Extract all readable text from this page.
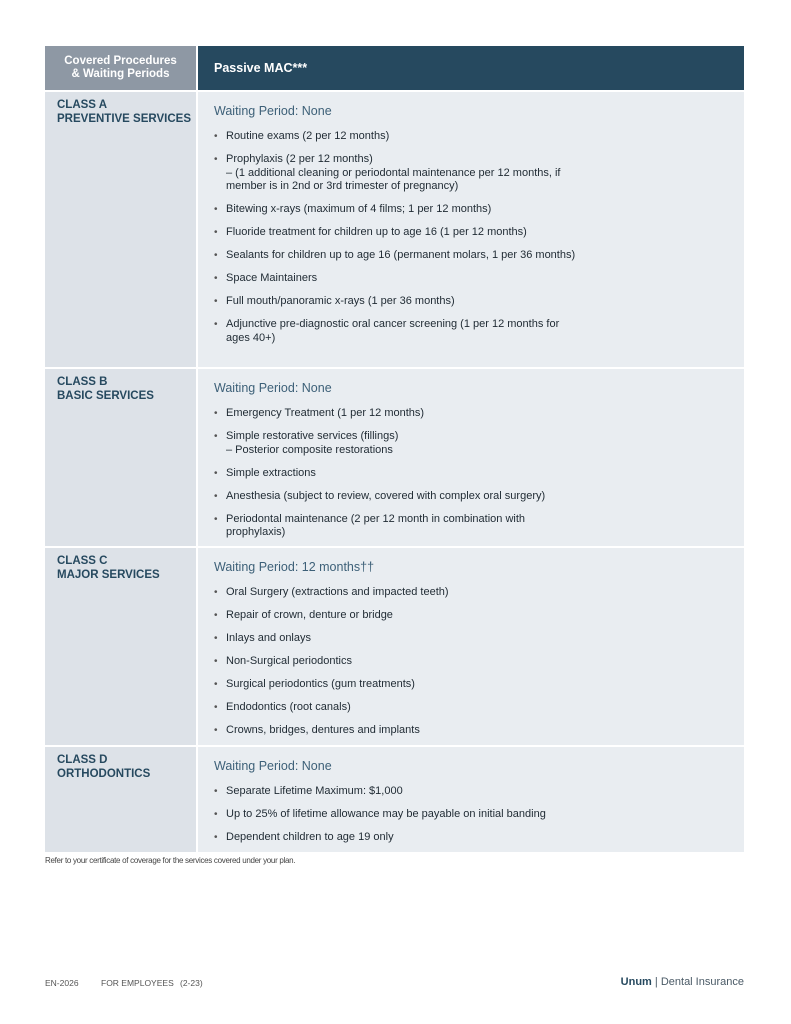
Covered Procedures
& Waiting Periods	Passive MAC***
CLASS A
PREVENTIVE SERVICES
Waiting Period: None
• Routine exams (2 per 12 months)
• Prophylaxis (2 per 12 months)
– (1 additional cleaning or periodontal maintenance per 12 months, if member is in 2nd or 3rd trimester of pregnancy)
• Bitewing x-rays (maximum of 4 films; 1 per 12 months)
• Fluoride treatment for children up to age 16 (1 per 12 months)
• Sealants for children up to age 16 (permanent molars, 1 per 36 months)
• Space Maintainers
• Full mouth/panoramic x-rays (1 per 36 months)
• Adjunctive pre-diagnostic oral cancer screening (1 per 12 months for ages 40+)
CLASS B
BASIC SERVICES
Waiting Period: None
• Emergency Treatment (1 per 12 months)
• Simple restorative services (fillings)
– Posterior composite restorations
• Simple extractions
• Anesthesia (subject to review, covered with complex oral surgery)
• Periodontal maintenance (2 per 12 month in combination with prophylaxis)
CLASS C
MAJOR SERVICES
Waiting Period: 12 months††
• Oral Surgery (extractions and impacted teeth)
• Repair of crown, denture or bridge
• Inlays and onlays
• Non-Surgical periodontics
• Surgical periodontics (gum treatments)
• Endodontics (root canals)
• Crowns, bridges, dentures and implants
CLASS D
ORTHODONTICS
Waiting Period: None
• Separate Lifetime Maximum: $1,000
• Up to 25% of lifetime allowance may be payable on initial banding
• Dependent children to age 19 only
Refer to your certificate of coverage for the services covered under your plan.
EN-2026	FOR EMPLOYEES (2-23)	Unum | Dental Insurance
